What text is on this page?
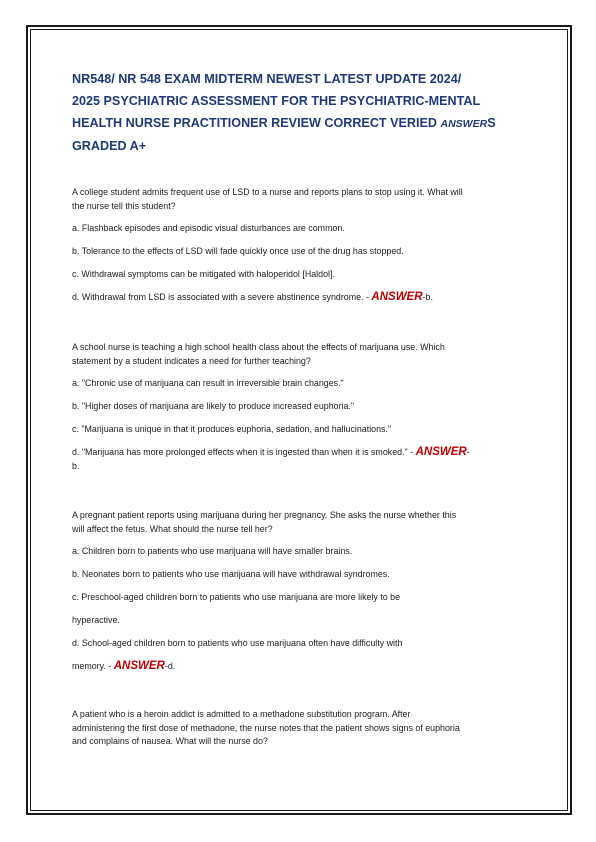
NR548/ NR 548 EXAM MIDTERM NEWEST LATEST UPDATE 2024/

2025 PSYCHIATRIC ASSESSMENT FOR THE PSYCHIATRIC-MENTAL

HEALTH NURSE PRACTITIONER REVIEW CORRECT VERIED ANSWERS

GRADED A+

A college student admits frequent use of LSD to a nurse and reports plans to stop using it. What will

the nurse tell this student?

a. Flashback episodes and episodic visual disturbances are common.

b. Tolerance to the effects of LSD will fade quickly once use of the drug has stopped.

c. Withdrawal symptoms can be mitigated with haloperidol [Haldol].

d. Withdrawal from LSD is associated with a severe abstinence syndrome. - ANSWER-b.

A school nurse is teaching a high school health class about the effects of marijuana use. Which

statement by a student indicates a need for further teaching?

a. "Chronic use of marijuana can result in irreversible brain changes."

b. "Higher doses of marijuana are likely to produce increased euphoria."

c. "Marijuana is unique in that it produces euphoria, sedation, and hallucinations."

d. "Marijuana has more prolonged effects when it is ingested than when it is smoked." - ANSWER-

b.

A pregnant patient reports using marijuana during her pregnancy. She asks the nurse whether this

will affect the fetus. What should the nurse tell her?

a. Children born to patients who use marijuana will have smaller brains.

b. Neonates born to patients who use marijuana will have withdrawal syndromes.

c. Preschool-aged children born to patients who use marijuana are more likely to be

hyperactive.

d. School-aged children born to patients who use marijuana often have difficulty with

memory. - ANSWER-d.

A patient who is a heroin addict is admitted to a methadone substitution program. After

administering the first dose of methadone, the nurse notes that the patient shows signs of euphoria

and complains of nausea. What will the nurse do?
